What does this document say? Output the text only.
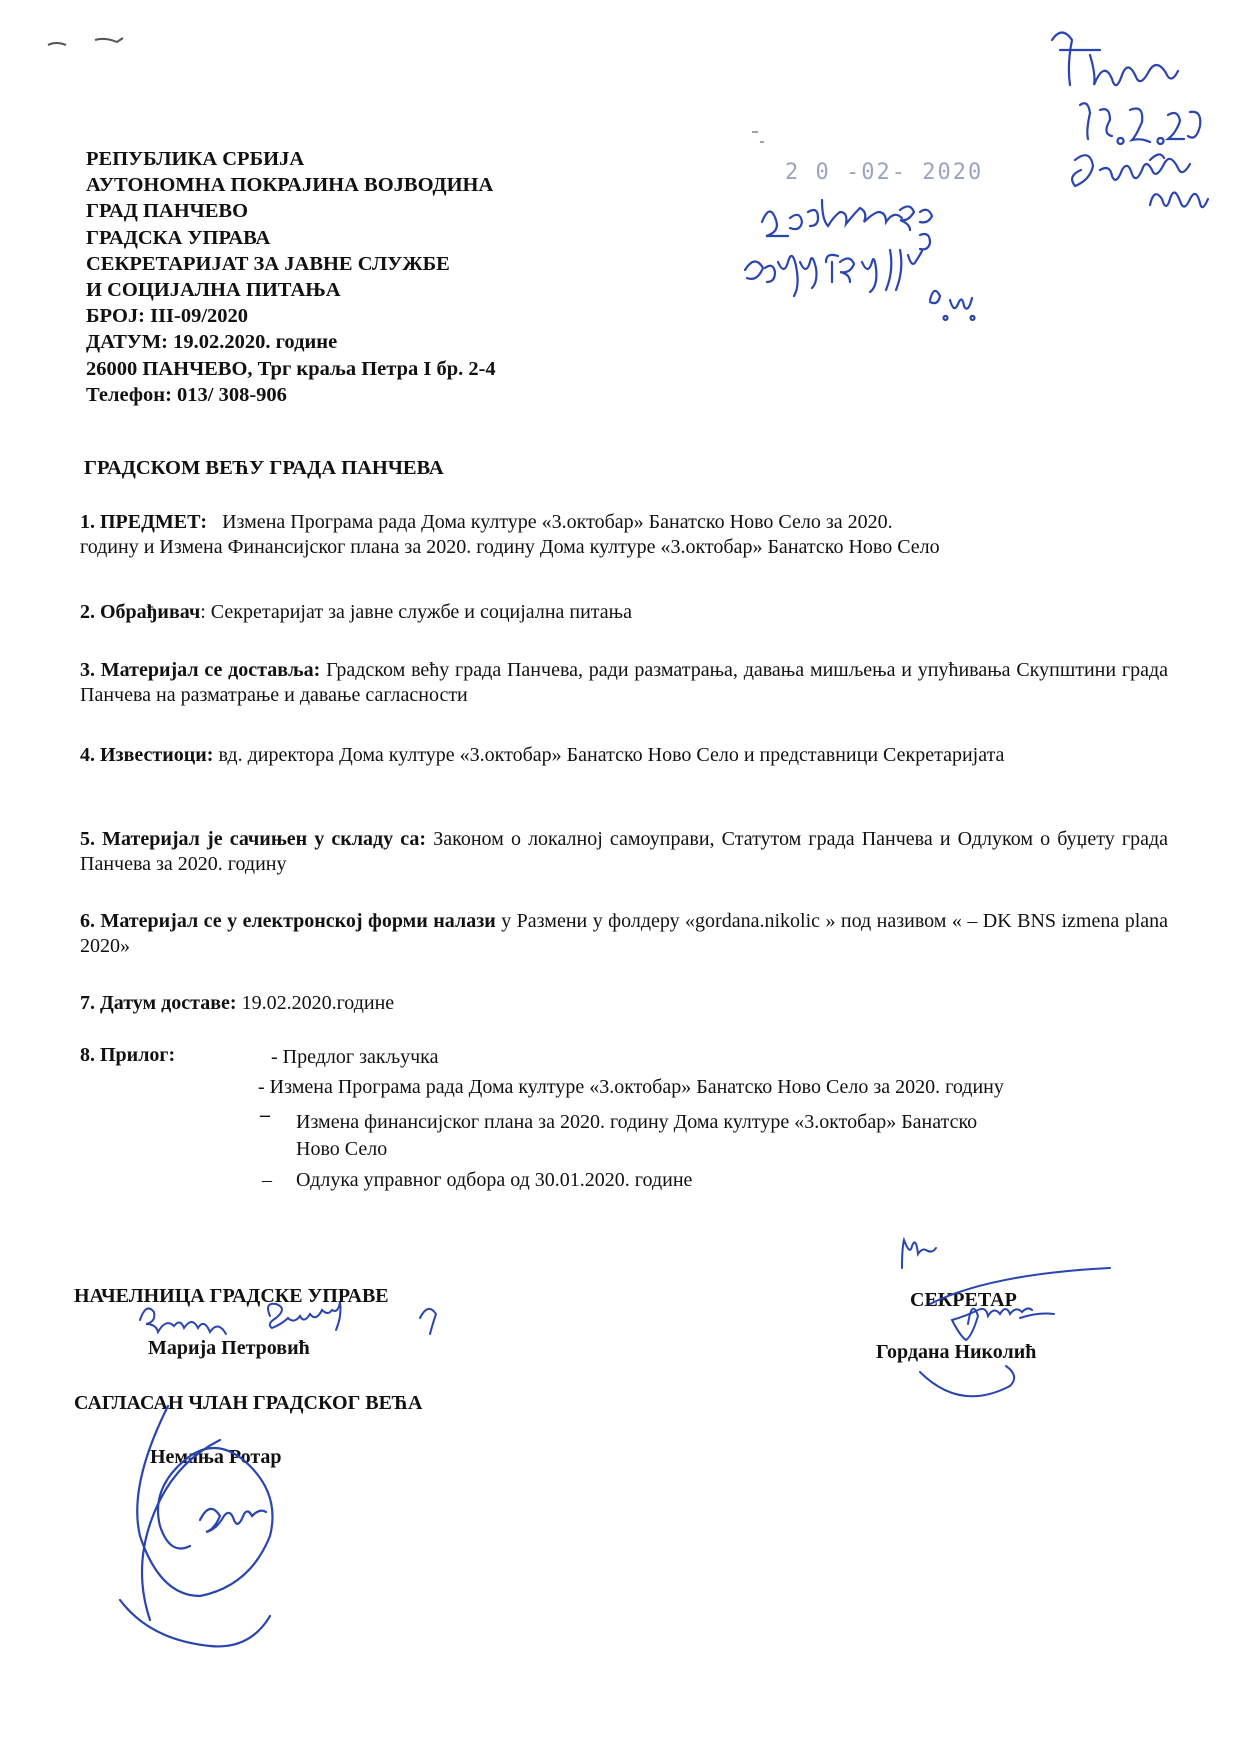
РЕПУБЛИКА СРБИЈА
АУТОНОМНА ПОКРАЈИНА ВОЈВОДИНА
ГРАД ПАНЧЕВО
ГРАДСКА УПРАВА
СЕКРЕТАРИЈАТ ЗА ЈАВНЕ СЛУЖБЕ
И СОЦИЈАЛНА ПИТАЊА
БРОЈ: III-09/2020
ДАТУМ: 19.02.2020. године
26000 ПАНЧЕВО, Трг краља Петра I бр. 2-4
Телефон: 013/ 308-906
2 0 -02- 2020
ГРАДСКОМ ВЕЋУ ГРАДА ПАНЧЕВА
1. ПРЕДМЕТ: Измена Програма рада Дома културе «3.октобар» Банатско Ново Село за 2020.
годину и Измена Финансијског плана за 2020. годину Дома културе «3.октобар» Банатско Ново Село
2. Обрађивач: Секретаријат за јавне службе и социјална питања
3. Материјал се доставља: Градском већу града Панчева, ради разматрања, давања мишљења и упућивања Скупштини града Панчева на разматрање и давање сагласности
4. Известиоци: вд. директора Дома културе «3.октобар» Банатско Ново Село и представници Секретаријата
5. Материјал је сачињен у складу са: Законом о локалној самоуправи, Статутом града Панчева и Одлуком о буџету града Панчева за 2020. годину
6. Материјал се у електронској форми налази у Размени у фолдеру «gordana.nikolic » под називом « – DK BNS izmena plana 2020»
7. Датум доставе: 19.02.2020.године
8. Прилог:	- Предлог закључка
- Измена Програма рада Дома културе «3.октобар» Банатско Ново Село за 2020. годину
– Измена финансијског плана за 2020. годину Дома културе «3.октобар» Банатско
Ново Село
– Одлука управног одбора од 30.01.2020. године
НАЧЕЛНИЦА ГРАДСКЕ УПРАВЕ
Марија Петровић
СЕКРЕТАР
Гордана Николић
САГЛАСАН ЧЛАН ГРАДСКОГ ВЕЋА
Немања Ротар
